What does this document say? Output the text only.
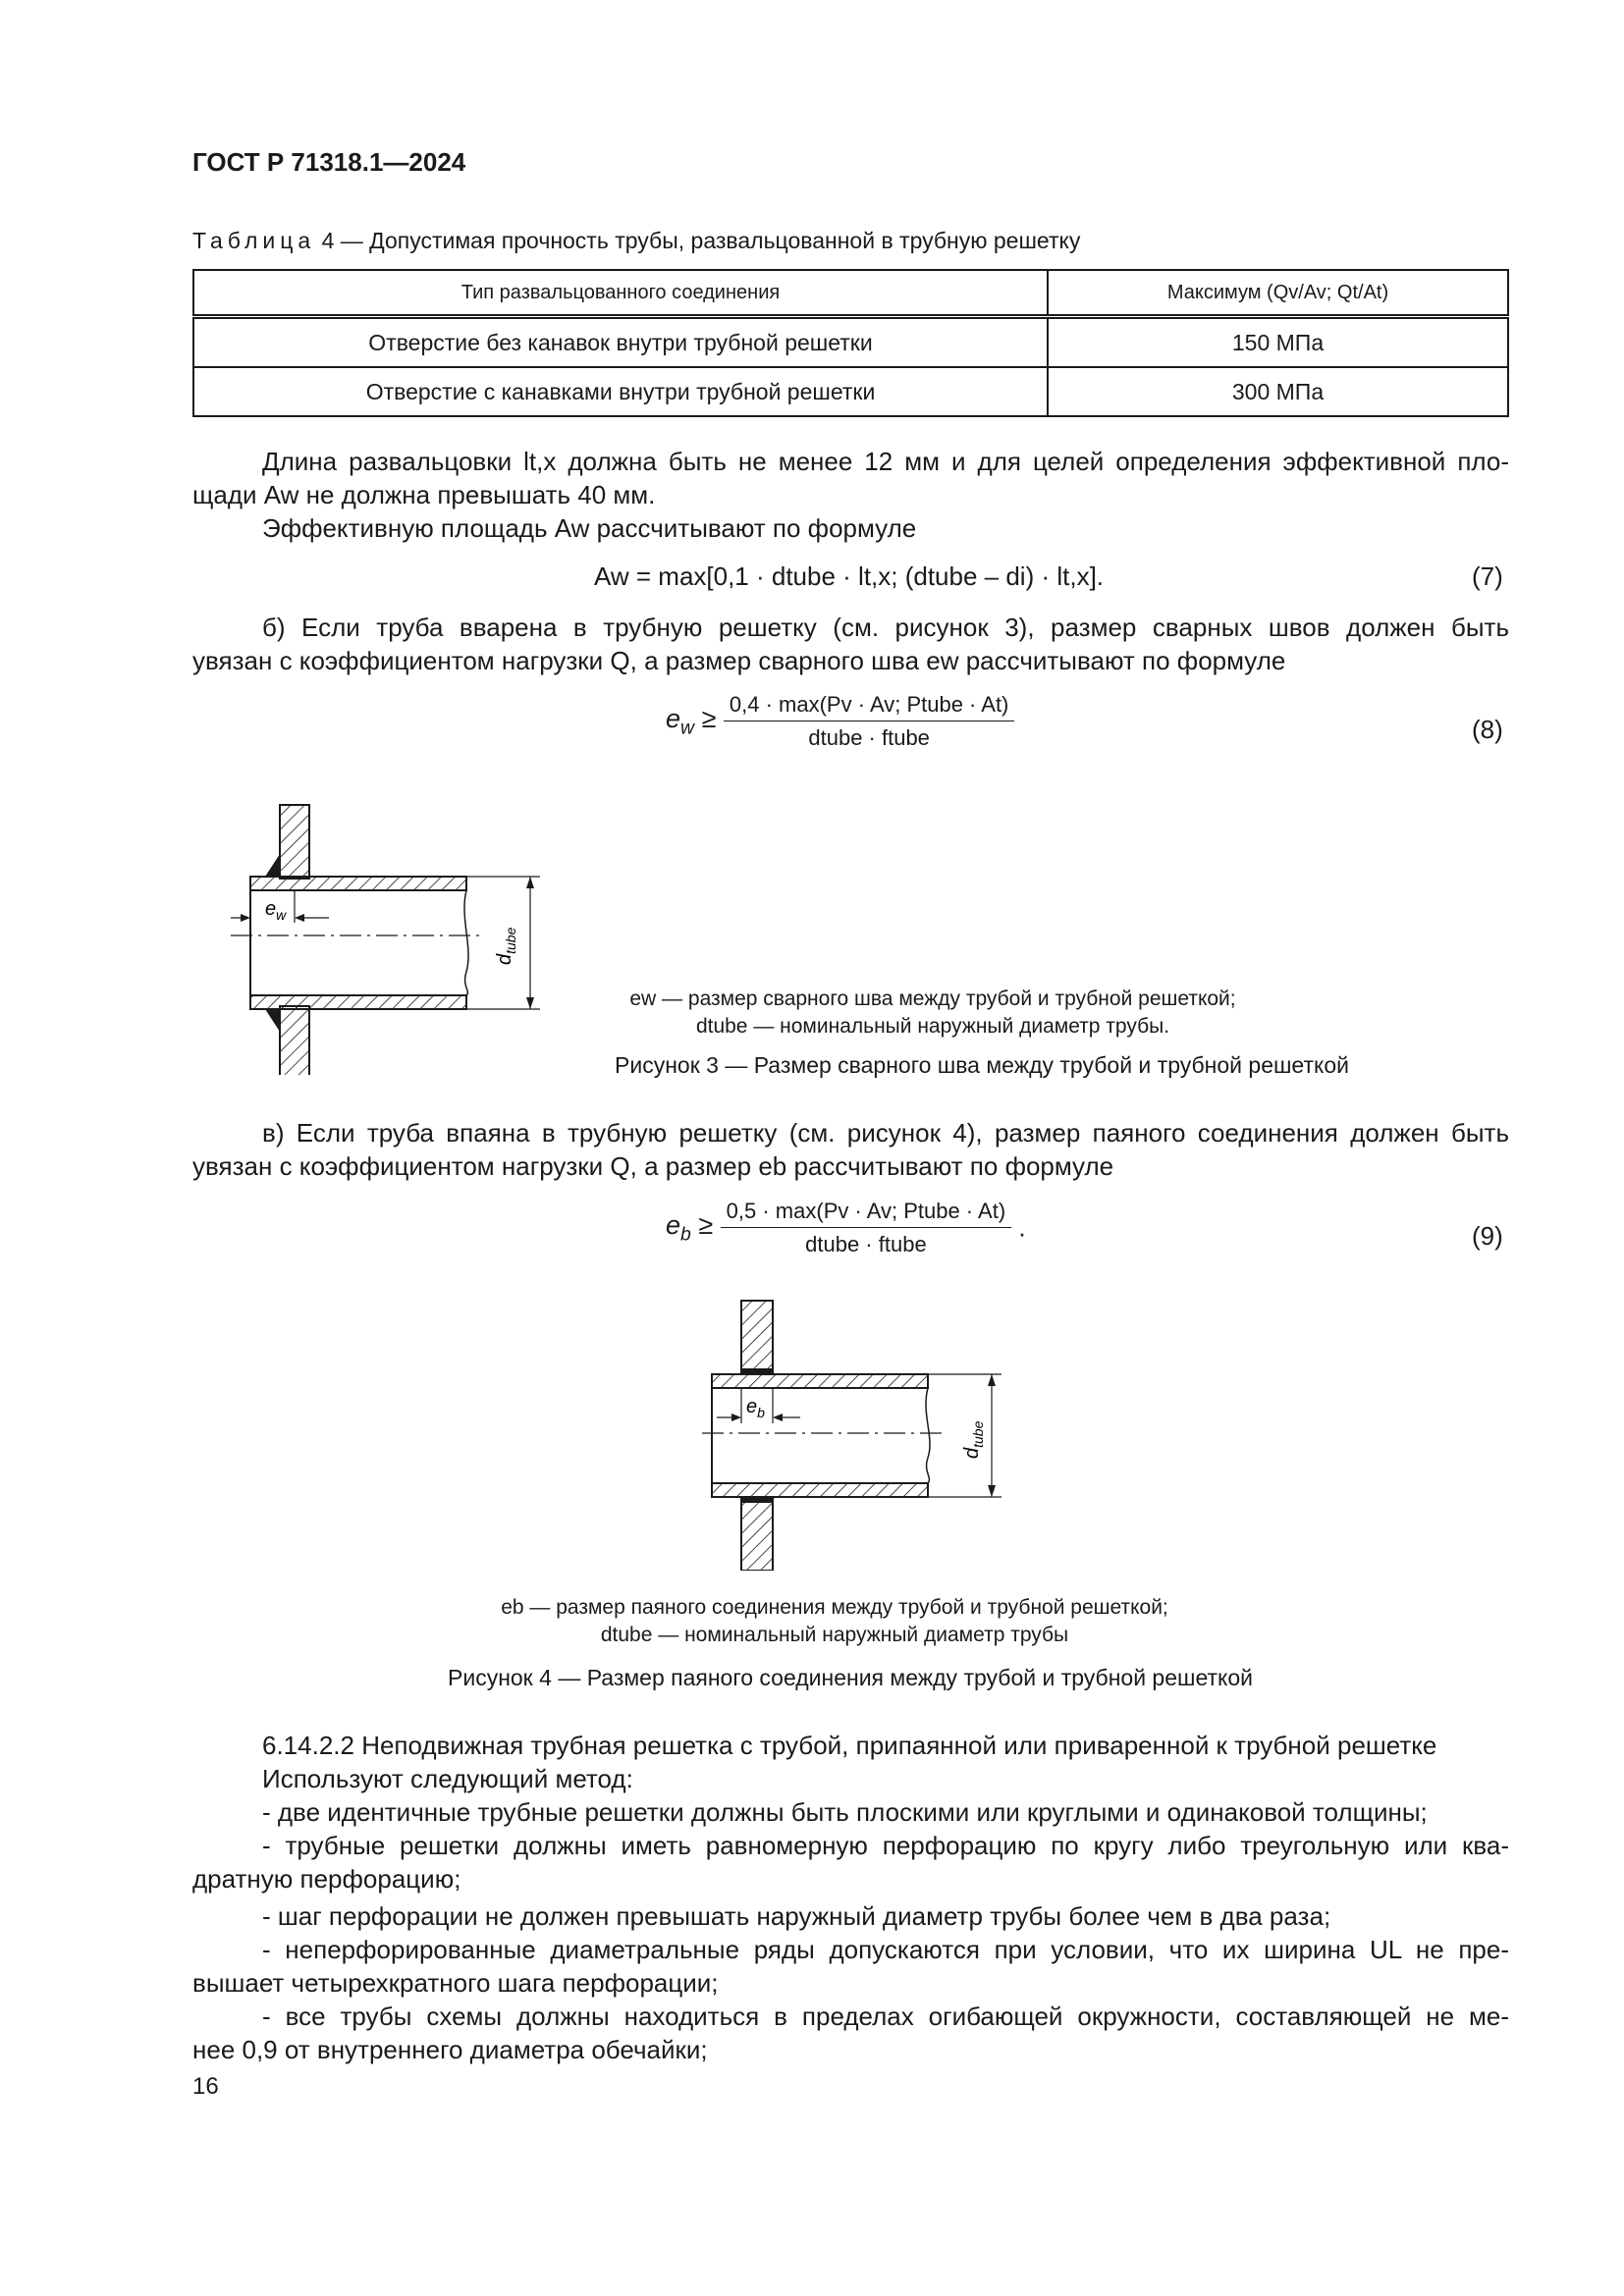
ГОСТ Р 71318.1—2024
Таблица 4 — Допустимая прочность трубы, развальцованной в трубную решетку
Тип развальцованного соединения	Максимум (Qv/Av; Qt/At)
Отверстие без канавок внутри трубной решетки	150 МПа
Отверстие с канавками внутри трубной решетки	300 МПа
Длина развальцовки lt,x должна быть не менее 12 мм и для целей определения эффективной пло-
щади Aw не должна превышать 40 мм.
Эффективную площадь Aw рассчитывают по формуле
Aw = max[0,1 · dtube · lt,x; (dtube – di) · lt,x].	(7)
б) Если труба вварена в трубную решетку (см. рисунок 3), размер сварных швов должен быть
увязан с коэффициентом нагрузки Q, а размер сварного шва ew рассчитывают по формуле
$e_w \ge \frac{\text{0,4 · max(Pv · Av; Ptube · At)}}{\text{dtube · ftube}}$	(8)
$e_w$
$d_{tube}$
ew — размер сварного шва между трубой и трубной решеткой;
dtube — номинальный наружный диаметр трубы.
Рисунок 3 — Размер сварного шва между трубой и трубной решеткой
в) Если труба впаяна в трубную решетку (см. рисунок 4), размер паяного соединения должен быть
увязан с коэффициентом нагрузки Q, а размер eb рассчитывают по формуле
$e_b \ge \frac{\text{0,5 · max(Pv · Av; Ptube · At)}}{\text{dtube · ftube}}$ .	(9)
$e_b$
$d_{tube}$
eb — размер паяного соединения между трубой и трубной решеткой;
dtube — номинальный наружный диаметр трубы
Рисунок 4 — Размер паяного соединения между трубой и трубной решеткой
6.14.2.2 Неподвижная трубная решетка с трубой, припаянной или приваренной к трубной решетке
Используют следующий метод:
- две идентичные трубные решетки должны быть плоскими или круглыми и одинаковой толщины;
- трубные решетки должны иметь равномерную перфорацию по кругу либо треугольную или ква-
дратную перфорацию;
- шаг перфорации не должен превышать наружный диаметр трубы более чем в два раза;
- неперфорированные диаметральные ряды допускаются при условии, что их ширина UL не пре-
вышает четырехкратного шага перфорации;
- все трубы схемы должны находиться в пределах огибающей окружности, составляющей не ме-
нее 0,9 от внутреннего диаметра обечайки;
16
